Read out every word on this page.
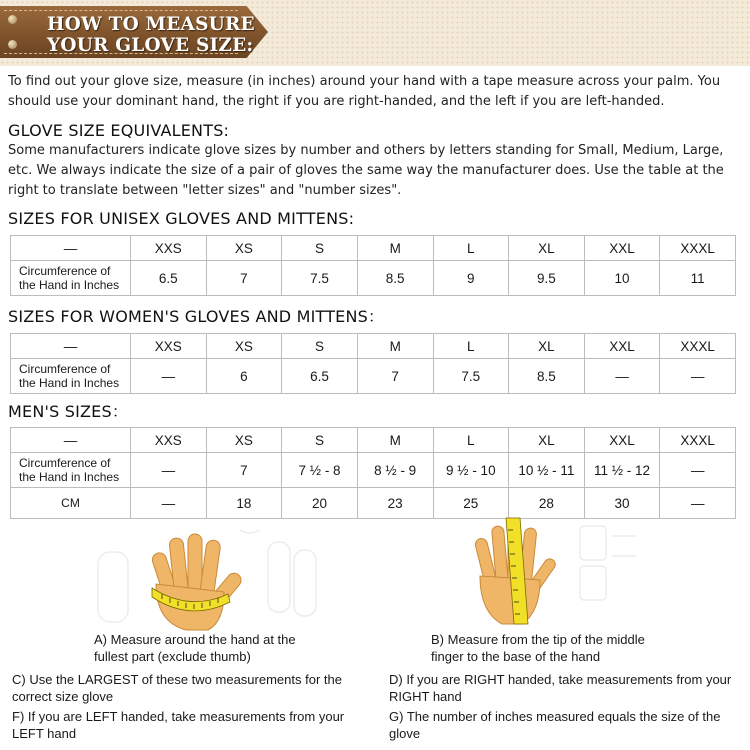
HOW TO MEASURE
YOUR GLOVE SIZE:
To find out your glove size, measure (in inches) around your hand with a tape measure across your palm. You should use your dominant hand, the right if you are right-handed, and the left if you are left-handed.
GLOVE SIZE EQUIVALENTS:
Some manufacturers indicate glove sizes by number and others by letters standing for Small, Medium, Large, etc. We always indicate the size of a pair of gloves the same way the manufacturer does. Use the table at the right to translate between "letter sizes" and "number sizes".
SIZES FOR UNISEX GLOVES AND MITTENS:
—	XXS	XS	S	M	L	XL	XXL	XXXL
Circumference of the Hand in Inches	6.5	7	7.5	8.5	9	9.5	10	11
SIZES FOR WOMEN'S GLOVES AND MITTENS：
—	XXS	XS	S	M	L	XL	XXL	XXXL
Circumference of the Hand in Inches	—	6	6.5	7	7.5	8.5	—	—
MEN'S SIZES：
—	XXS	XS	S	M	L	XL	XXL	XXXL
Circumference of the Hand in Inches	—	7	7 ½ - 8	8 ½ - 9	9 ½ - 10	10 ½ - 11	11 ½ - 12	—
CM	—	18	20	23	25	28	30	—
A) Measure around the hand at the fullest part (exclude thumb)
B) Measure from the tip of the middle finger to the base of the hand
C) Use the LARGEST of these two measurements for the correct size glove
D) If you are RIGHT handed, take measurements from your RIGHT hand
F) If you are LEFT handed, take measurements from your LEFT hand
G) The number of inches measured equals the size of the glove
